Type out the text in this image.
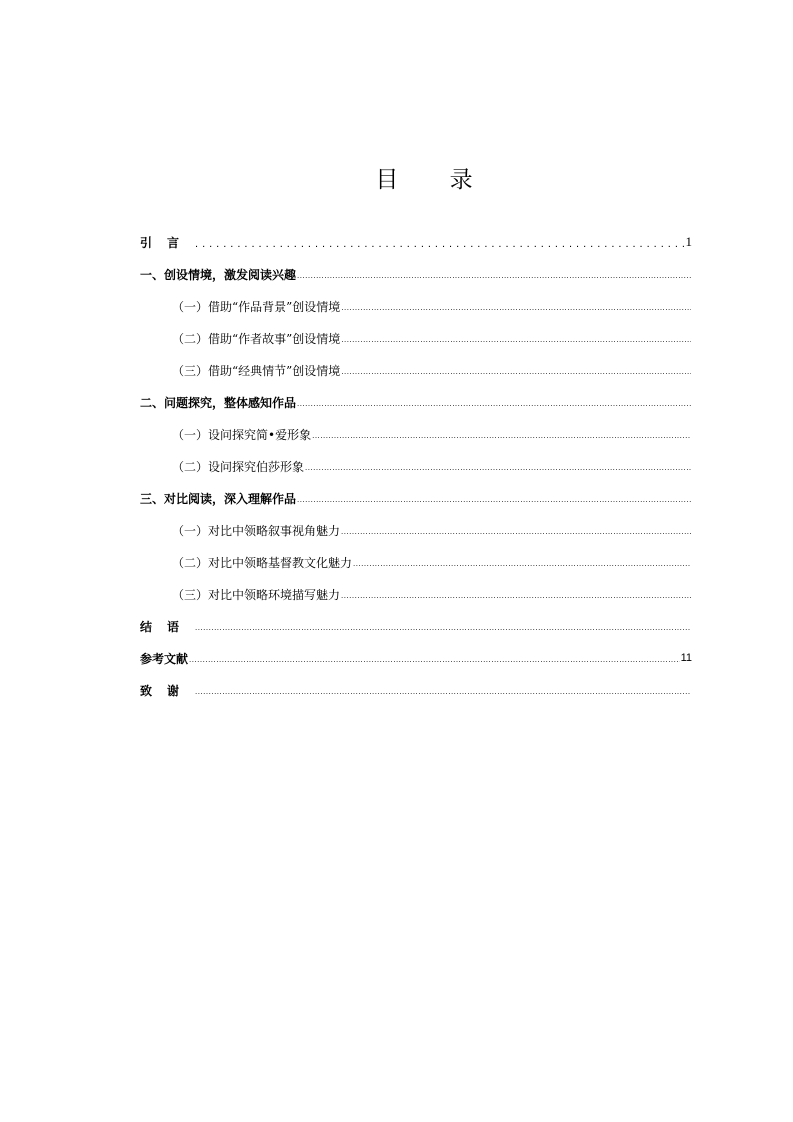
目 录
引言 .....	1
一、创设情境，激发阅读兴趣
.....
（一）借助“作品背景”创设情境
.....
（二）借助“作者故事”创设情境
.....
（三）借助“经典情节”创设情境
.....
二、问题探究，整体感知作品
.....
（一）设问探究简•爱形象
.....
（二）设问探究伯莎形象
.....
三、对比阅读，深入理解作品
.....
（一）对比中领略叙事视角魅力
.....
（二）对比中领略基督教文化魅力
.....
（三）对比中领略环境描写魅力
.....
结语
.....
参考文献 .....	11
致谢
.....
